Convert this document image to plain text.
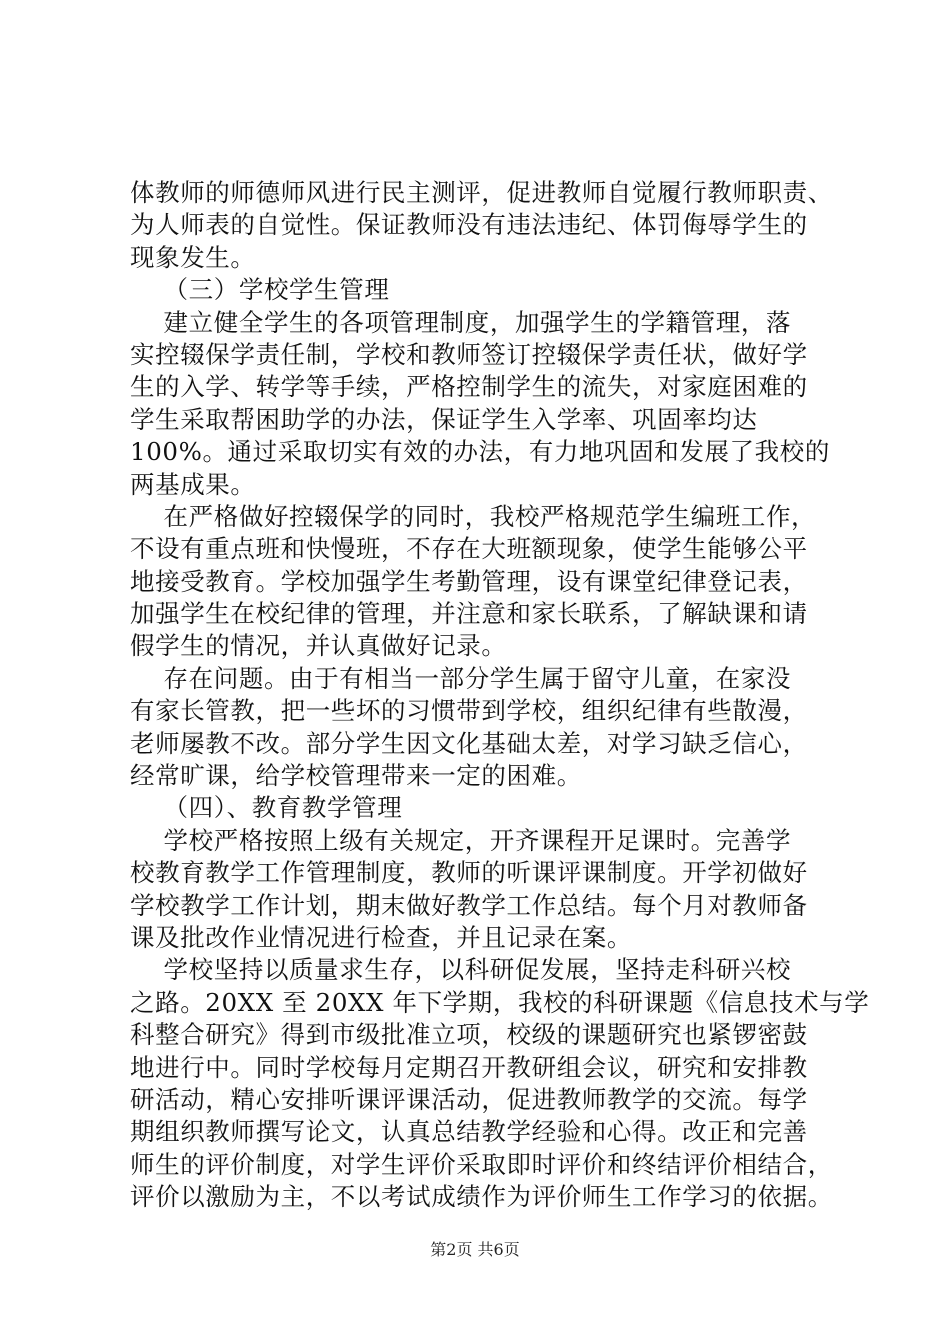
体教师的师德师风进行民主测评，促进教师自觉履行教师职责、
为人师表的自觉性。保证教师没有违法违纪、体罚侮辱学生的
现象发生。
（三）学校学生管理
建立健全学生的各项管理制度，加强学生的学籍管理，落
实控辍保学责任制，学校和教师签订控辍保学责任状，做好学
生的入学、转学等手续，严格控制学生的流失，对家庭困难的
学生采取帮困助学的办法，保证学生入学率、巩固率均达
100%。通过采取切实有效的办法，有力地巩固和发展了我校的
两基成果。
在严格做好控辍保学的同时，我校严格规范学生编班工作，
不设有重点班和快慢班，不存在大班额现象，使学生能够公平
地接受教育。学校加强学生考勤管理，设有课堂纪律登记表，
加强学生在校纪律的管理，并注意和家长联系，了解缺课和请
假学生的情况，并认真做好记录。
存在问题。由于有相当一部分学生属于留守儿童，在家没
有家长管教，把一些坏的习惯带到学校，组织纪律有些散漫，
老师屡教不改。部分学生因文化基础太差，对学习缺乏信心，
经常旷课，给学校管理带来一定的困难。
（四）、教育教学管理
学校严格按照上级有关规定，开齐课程开足课时。完善学
校教育教学工作管理制度，教师的听课评课制度。开学初做好
学校教学工作计划，期末做好教学工作总结。每个月对教师备
课及批改作业情况进行检查，并且记录在案。
学校坚持以质量求生存，以科研促发展，坚持走科研兴校
之路。20XX 至 20XX 年下学期，我校的科研课题《信息技术与学
科整合研究》得到市级批准立项，校级的课题研究也紧锣密鼓
地进行中。同时学校每月定期召开教研组会议，研究和安排教
研活动，精心安排听课评课活动，促进教师教学的交流。每学
期组织教师撰写论文，认真总结教学经验和心得。改正和完善
师生的评价制度，对学生评价采取即时评价和终结评价相结合，
评价以激励为主，不以考试成绩作为评价师生工作学习的依据。
第2页 共6页
